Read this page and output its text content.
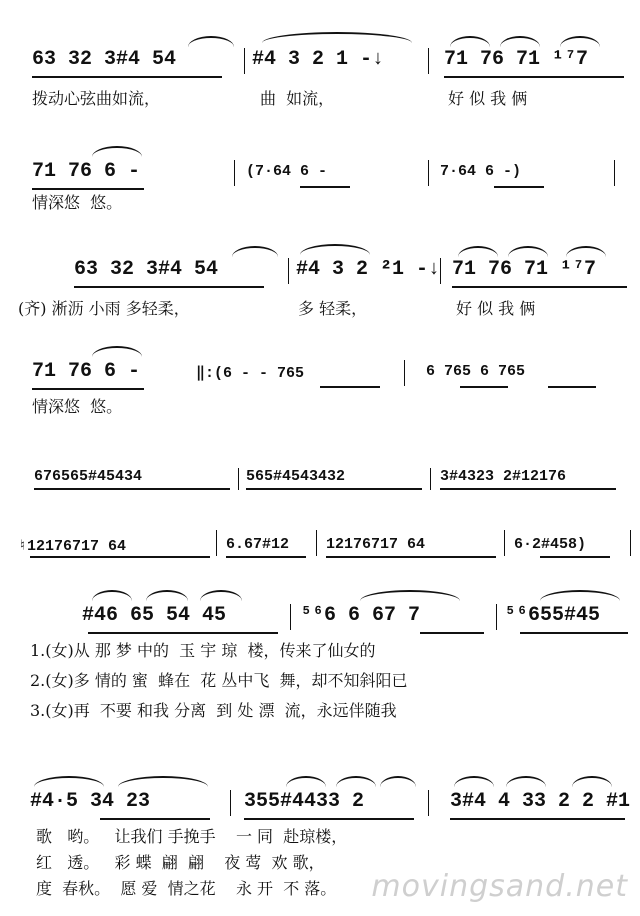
63 32 3#4 54	#4 3 2 1 -↓	71 76 71 ¹⁷7
拨动心弦曲如流，	曲  如流，	好 似 我 俩
71 76 6 -	(7·64 6 -	7·64 6 -)
情深悠  悠。
63 32 3#4 54	#4 3 2 ²1 -↓ 71 76 71 ¹⁷7
(齐) 淅沥 小雨 多轻柔，	多 轻柔，	好 似 我 俩
71 76 6 -	‖:(6 - - 765	6 765 6 765
情深悠  悠。
676565#45434	565#4543432	3#4323 2#12176
♮12176717 64	6.67#12 12176717 64	6·2#458)
#46 65 54 45	⁵⁶6 6 67 7	⁵⁶655#45
1.(女)从 那 梦 中的  玉 宇 琼  楼，传来了仙女的
2.(女)多 情的 蜜  蜂在  花 丛中飞  舞，却不知斜阳已
3.(女)再  不要 和我 分离  到 处 漂  流，永远伴随我
#4·5 34 23	355#4433 2	3#4 4 33 2 2 #1
歌   哟。   让我们 手挽手    一 同  赴琼楼，
红   透。   彩 蝶  翩  翩    夜 莺  欢 歌，
度  春秋。  愿 爱  情之花    永 开  不 落。 movingsand.net
